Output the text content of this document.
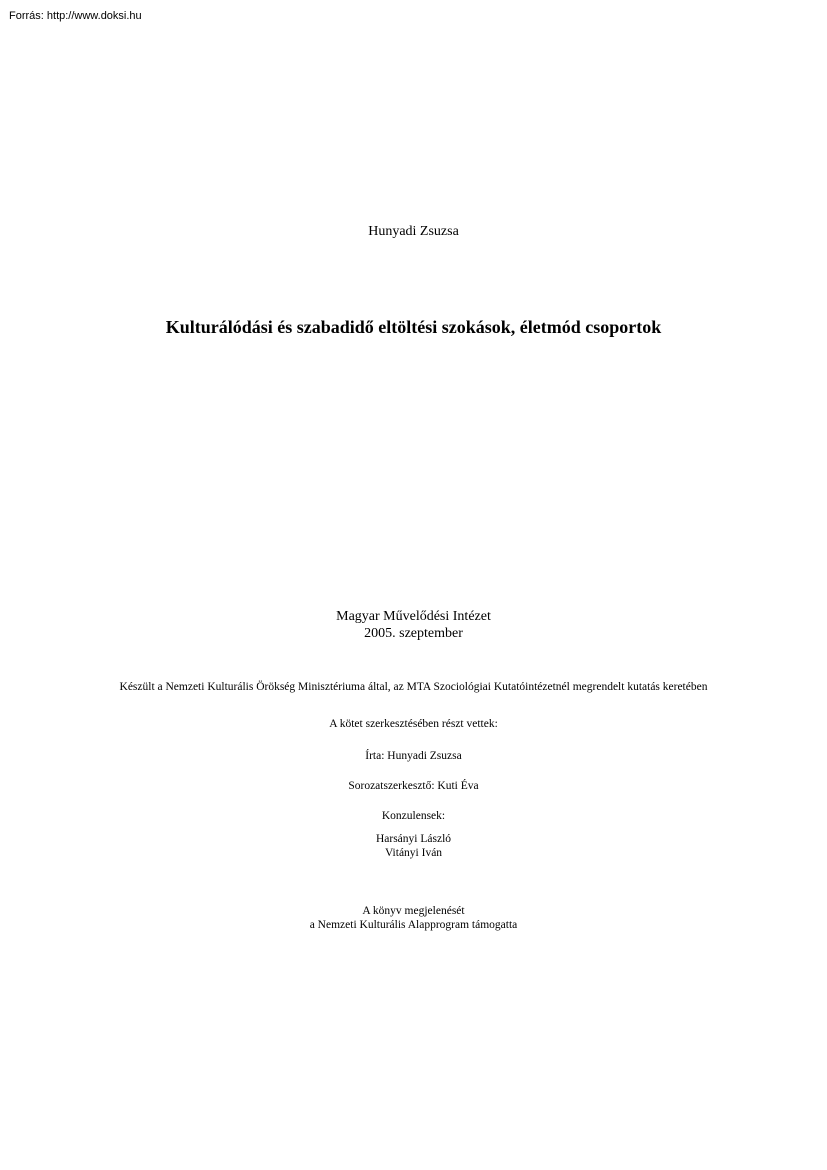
Forrás: http://www.doksi.hu
Hunyadi Zsuzsa
Kulturálódási és szabadidő eltöltési szokások, életmód csoportok
Magyar Művelődési Intézet
2005. szeptember
Készült a Nemzeti Kulturális Örökség Minisztériuma által, az MTA Szociológiai Kutatóintézetnél megrendelt kutatás keretében
A kötet szerkesztésében részt vettek:
Írta: Hunyadi Zsuzsa
Sorozatszerkesztő: Kuti Éva
Konzulensek:
Harsányi László
Vitányi Iván
A könyv megjelenését
a Nemzeti Kulturális Alapprogram támogatta
